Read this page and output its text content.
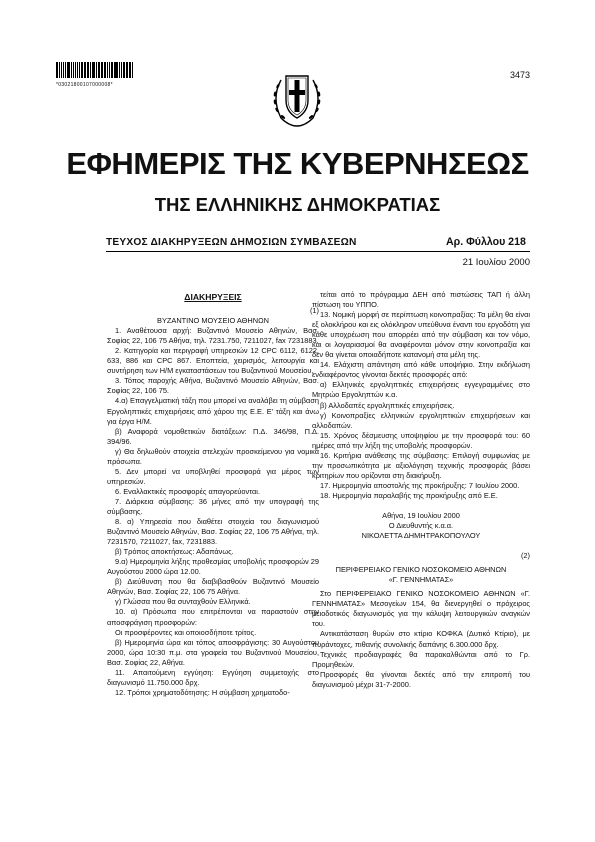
*03021800107000008*
3473
ΕΦΗΜΕΡΙΣ ΤΗΣ ΚΥΒΕΡΝΗΣΕΩΣ
ΤΗΣ ΕΛΛΗΝΙΚΗΣ ΔΗΜΟΚΡΑΤΙΑΣ
ΤΕΥΧΟΣ ΔΙΑΚΗΡΥΞΕΩΝ ΔΗΜΟΣΙΩΝ ΣΥΜΒΑΣΕΩΝ	Αρ. Φύλλου 218
21 Ιουλίου 2000
ΔΙΑΚΗΡΥΞΕΙΣ

(1)

ΒΥΖΑΝΤΙΝΟ ΜΟΥΣΕΙΟ ΑΘΗΝΩΝ

1. Αναθέτουσα αρχή: Βυζαντινό Μουσείο Αθηνών, Βασ. Σοφίας 22, 106 75 Αθήνα, τηλ. 7231.750, 7211027, fax 7231883.

2. Κατηγορία και περιγραφή υπηρεσιών 12 CPC 6112, 6122, 633, 886 και CPC 867. Εποπτεία, χειρισμός, λειτουργία και συντήρηση των Η/Μ εγκαταστάσεων του Βυζαντινού Μουσείου.

3. Τόπος παροχής Αθήνα, Βυζαντινό Μουσείο Αθηνών, Βασ. Σοφίας 22, 106 75.

4.α) Επαγγελματική τάξη που μπορεί να αναλάβει τη σύμβαση Εργοληπτικές επιχειρήσεις από χάρου της Ε.Ε. Ε' τάξη και άνω για έργα Η/Μ.

β) Αναφορά νομοθετικών διατάξεων: Π.Δ. 346/98, Π.Δ. 394/96.

γ) Θα δηλωθούν στοιχεία στελεχών προσκείμενου για νομικά πρόσωπα.

5. Δεν μπορεί να υποβληθεί προσφορά για μέρος των υπηρεσιών.

6. Εναλλακτικές προσφορές απαγορεύονται.

7. Διάρκεια σύμβασης: 36 μήνες από την υπογραφή της σύμβασης.

8. α) Υπηρεσία που διαθέτει στοιχεία του διαγωνισμού Βυζαντινό Μουσείο Αθηνών, Βασ. Σοφίας 22, 106 75 Αθήνα, τηλ. 7231570, 7211027, fax, 7231883.

β) Τρόπος αποκτήσεως: Αδαπάνως.

9.α) Ημερομηνία λήξης προθεσμίας υποβολής προσφορών 29 Αυγούστου 2000 ώρα 12.00.

β) Διεύθυνση που θα διαβιβασθούν Βυζαντινό Μουσείο Αθηνών, Βασ. Σοφίας 22, 106 75 Αθήνα.

γ) Γλώσσα που θα συνταχθούν Ελληνικά.

10. α) Πρόσωπα που επιτρέπονται να παραστούν στην αποσφράγιση προσφορών:

Οι προσφέροντες και οποιοσδήποτε τρίτος.

β) Ημερομηνία ώρα και τόπος αποσφράγισης: 30 Αυγούστου 2000, ώρα 10:30 π.μ. στα γραφεία του Βυζαντινού Μουσείου, Βασ. Σοφίας 22, Αθήνα.

11. Απαιτούμενη εγγύηση: Εγγύηση συμμετοχής στο διαγωνισμό 11.750.000 δρχ.

12. Τρόποι χρηματοδότησης: Η σύμβαση χρηματοδο-

τείται από το πρόγραμμα ΔΕΗ από πιστώσεις ΤΑΠ ή άλλη πίστωση του ΥΠΠΟ.

13. Νομική μορφή σε περίπτωση κοινοπραξίας: Τα μέλη θα είναι εξ ολοκλήρου και εις ολόκληρον υπεύθυνα έναντι του εργοδότη για κάθε υποχρέωση που απορρέει από την σύμβαση και τον νόμο, και οι λογαριασμοί θα αναφέρονται μόνον στην κοινοπραξία και δεν θα γίνεται οποιαδήποτε κατανομή στα μέλη της.

14. Ελάχιστη απάντηση από κάθε υποψήφιο. Στην εκδήλωση ενδιαφέροντος γίνονται δεκτές προσφορές από:

α) Ελληνικές εργοληπτικές επιχειρήσεις εγγεγραμμένες στο Μητρώο Εργοληπτών κ.α.

β) Αλλοδαπές εργοληπτικές επιχειρήσεις.

γ) Κοινοπραξίες ελληνικών εργοληπτικών επιχειρήσεων και αλλοδαπών.

15. Χρόνος δέσμευσης υποψηφίου με την προσφορά του: 60 ημέρες από την λήξη της υποβολής προσφορών.

16. Κριτήρια ανάθεσης της σύμβασης: Επιλογή συμφωνίας με την προσωπικότητα με αξιολόγηση τεχνικής προσφοράς βάσει κριτηρίων που ορίζονται στη διακήρυξη.

17. Ημερομηνία αποστολής της προκήρυξης: 7 Ιουλίου 2000.

18. Ημερομηνία παραλαβής της προκήρυξης από Ε.Ε.

Αθήνα, 19 Ιουλίου 2000

Ο Διευθυντής κ.α.α.

ΝΙΚΟΛΕΤΤΑ ΔΗΜΗΤΡΑΚΟΠΟΥΛΟΥ

(2)

ΠΕΡΙΦΕΡΕΙΑΚΟ ΓΕΝΙΚΟ ΝΟΣΟΚΟΜΕΙΟ ΑΘΗΝΩΝ

«Γ. ΓΕΝΝΗΜΑΤΑΣ»

Στο ΠΕΡΙΦΕΡΕΙΑΚΟ ΓΕΝΙΚΟ ΝΟΣΟΚΟΜΕΙΟ ΑΘΗΝΩΝ «Γ. ΓΕΝΝΗΜΑΤΑΣ» Μεσογείων 154, θα διενεργηθεί ο πρόχειρος μειοδοτικός διαγωνισμός για την κάλυψη λειτουργικών αναγκών του.

Αντικατάσταση θυρών στο κτίριο ΚΟΦΚΑ (Δυτικό Κτίριο), με πυράντοχες, πιθανής συνολικής δαπάνης 6.300.000 δρχ.

Τεχνικές προδιαγραφές θα παρακαλθώνται από το Γρ. Προμηθειών.

Προσφορές θα γίνονται δεκτές από την επιτροπή του διαγωνισμού μέχρι 31-7-2000.
